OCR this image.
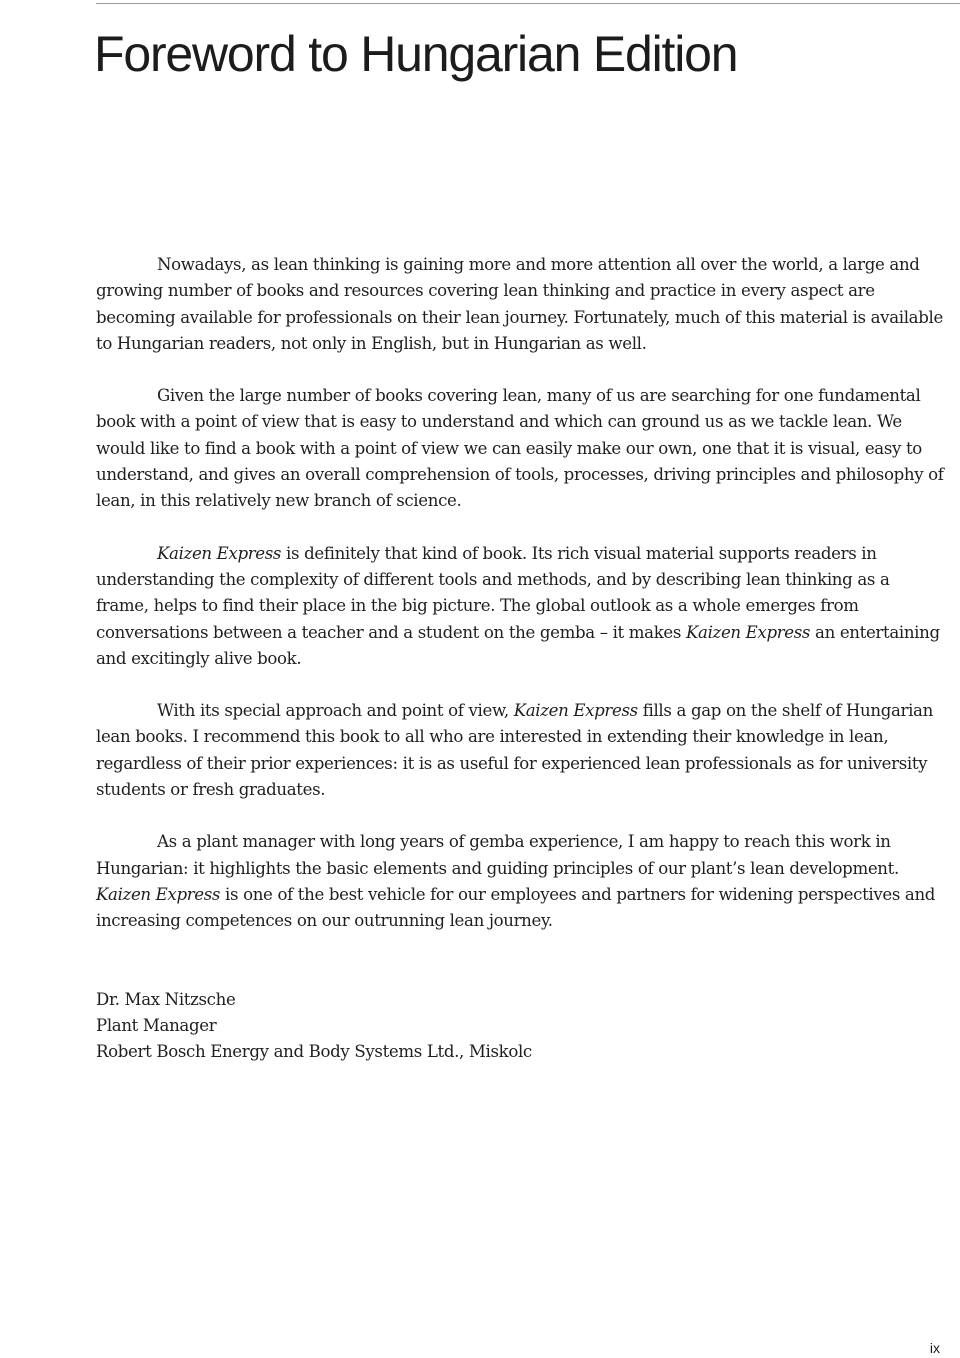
Foreword to Hungarian Edition

Nowadays, as lean thinking is gaining more and more attention all over the world, a large and growing number of books and resources covering lean thinking and practice in every aspect are becoming available for professionals on their lean journey. Fortunately, much of this material is available to Hungarian readers, not only in English, but in Hungarian as well.

Given the large number of books covering lean, many of us are searching for one fundamental book with a point of view that is easy to understand and which can ground us as we tackle lean. We would like to find a book with a point of view we can easily make our own, one that it is visual, easy to understand, and gives an overall comprehension of tools, processes, driving principles and philosophy of lean, in this relatively new branch of science.

Kaizen Express is definitely that kind of book. Its rich visual material supports readers in understanding the complexity of different tools and methods, and by describing lean thinking as a frame, helps to find their place in the big picture. The global outlook as a whole emerges from conversations between a teacher and a student on the gemba – it makes Kaizen Express an entertaining and excitingly alive book.

With its special approach and point of view, Kaizen Express fills a gap on the shelf of Hungarian lean books. I recommend this book to all who are interested in extending their knowledge in lean, regardless of their prior experiences: it is as useful for experienced lean professionals as for university students or fresh graduates.

As a plant manager with long years of gemba experience, I am happy to reach this work in Hungarian: it highlights the basic elements and guiding principles of our plant’s lean development. Kaizen Express is one of the best vehicle for our employees and partners for widening perspectives and increasing competences on our outrunning lean journey.

Dr. Max Nitzsche
Plant Manager
Robert Bosch Energy and Body Systems Ltd., Miskolc
ix
